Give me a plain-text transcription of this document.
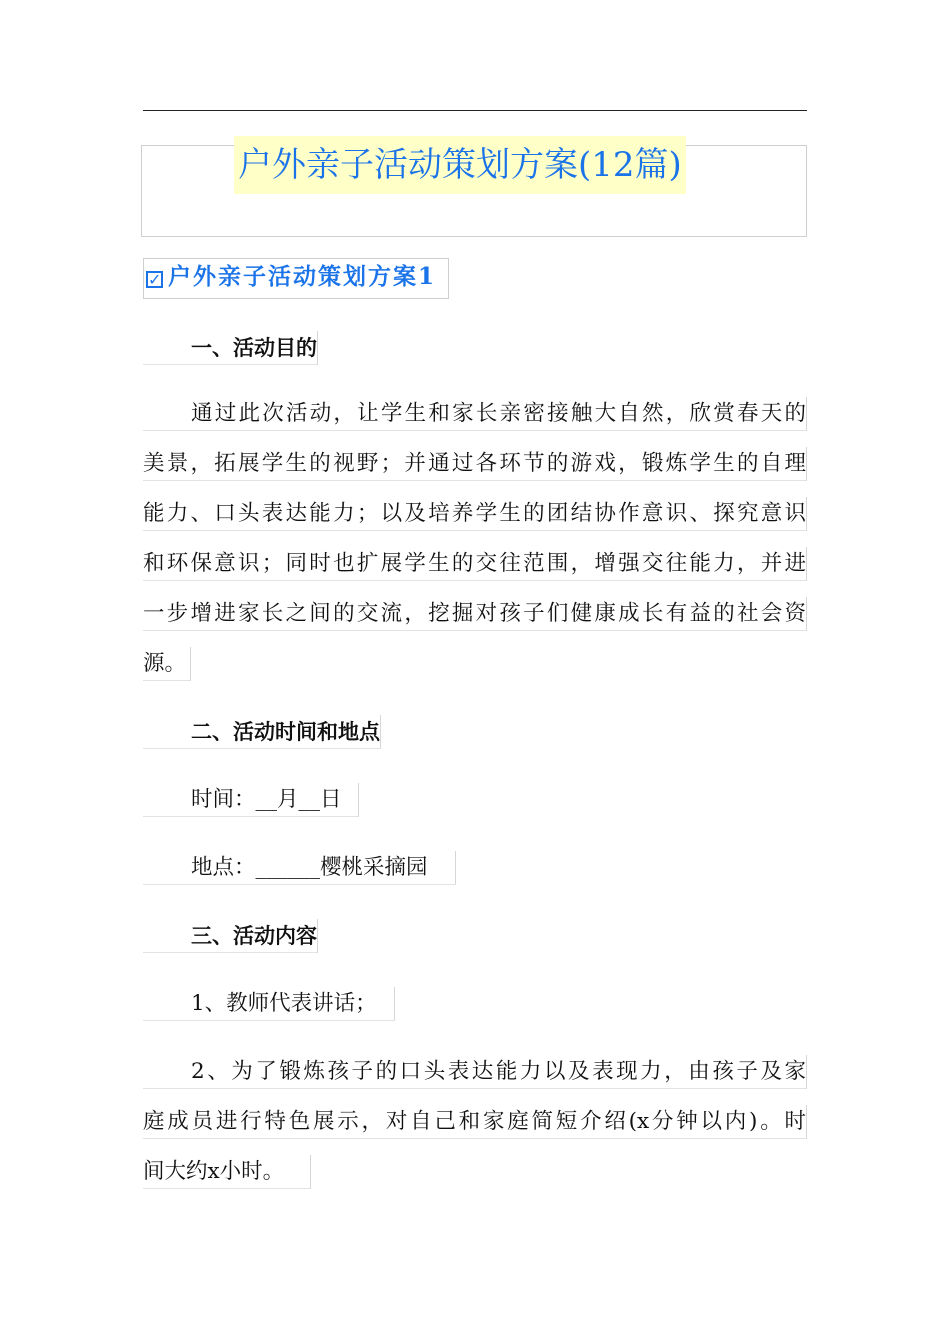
户外亲子活动策划方案(12篇)
✓ 户外亲子活动策划方案1
一、活动目的
通过此次活动，让学生和家长亲密接触大自然，欣赏春天的
美景，拓展学生的视野；并通过各环节的游戏，锻炼学生的自理
能力、口头表达能力；以及培养学生的团结协作意识、探究意识
和环保意识；同时也扩展学生的交往范围，增强交往能力，并进
一步增进家长之间的交流，挖掘对孩子们健康成长有益的社会资
源。
二、活动时间和地点
时间：__月__日
地点：______樱桃采摘园
三、活动内容
1、教师代表讲话；
2、为了锻炼孩子的口头表达能力以及表现力，由孩子及家
庭成员进行特色展示，对自己和家庭简短介绍(x分钟以内)。时
间大约x小时。
